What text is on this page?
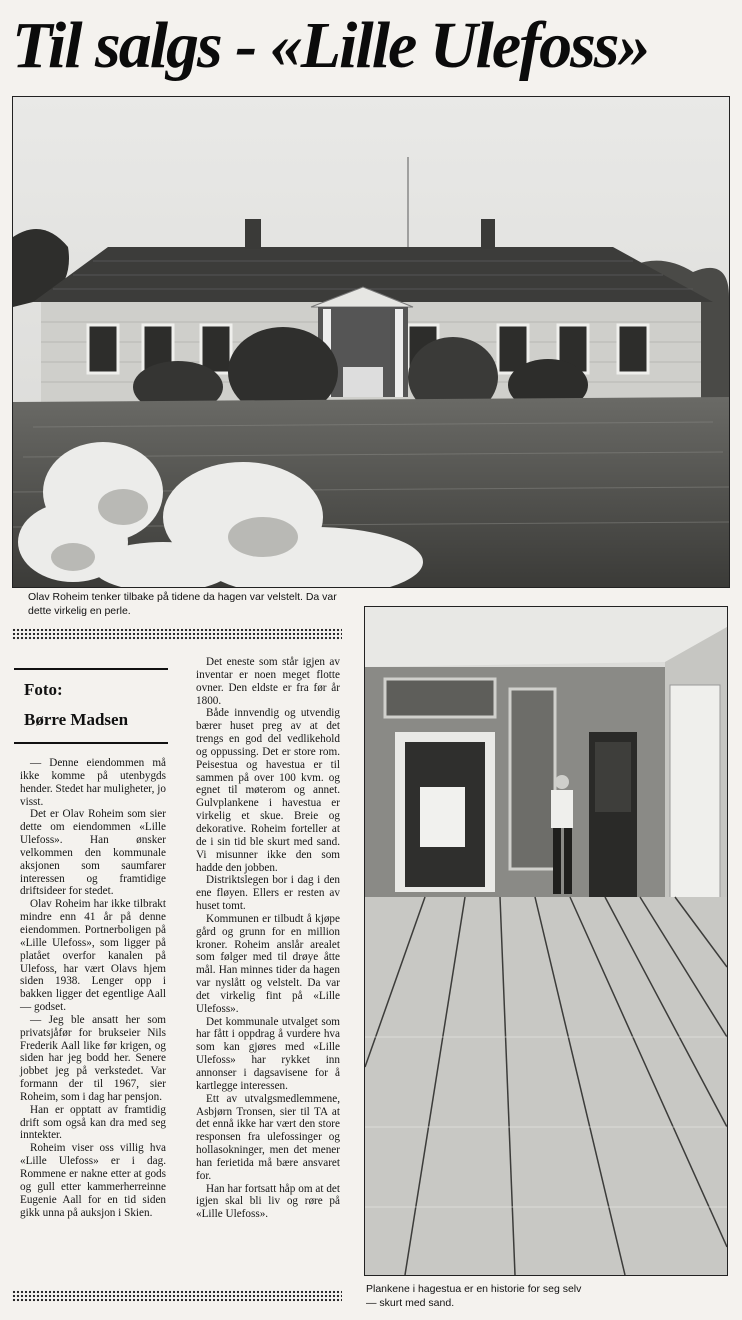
Til salgs - «Lille Ulefoss»
Olav Roheim tenker tilbake på tidene da hagen var velstelt. Da var
dette virkelig en perle.
Foto:
Børre Madsen

— Denne eiendommen må ikke komme på utenbygds hender. Stedet har muligheter, jo visst.

Det er Olav Roheim som sier dette om eiendommen «Lille Ulefoss». Han ønsker velkommen den kommunale aksjonen som saumfarer interessen og framtidige driftsideer for stedet.

Olav Roheim har ikke tilbrakt mindre enn 41 år på denne eiendommen. Portnerboligen på «Lille Ulefoss», som ligger på platået overfor kanalen på Ulefoss, har vært Olavs hjem siden 1938. Lenger opp i bakken ligger det egentlige Aall — godset.

— Jeg ble ansatt her som privatsjåfør for brukseier Nils Frederik Aall like før krigen, og siden har jeg bodd her. Senere jobbet jeg på verkstedet. Var formann der til 1967, sier Roheim, som i dag har pensjon.

Han er opptatt av framtidig drift som også kan dra med seg inntekter.

Roheim viser oss villig hva «Lille Ulefoss» er i dag. Rommene er nakne etter at gods og gull etter kammerherreinne Eugenie Aall for en tid siden gikk unna på auksjon i Skien.

Det eneste som står igjen av inventar er noen meget flotte ovner. Den eldste er fra før år 1800.

Både innvendig og utvendig bærer huset preg av at det trengs en god del vedlikehold og oppussing. Det er store rom. Peisestua og havestua er til sammen på over 100 kvm. og egnet til møterom og annet. Gulvplankene i havestua er virkelig et skue. Breie og dekorative. Roheim forteller at de i sin tid ble skurt med sand. Vi misunner ikke den som hadde den jobben.

Distriktslegen bor i dag i den ene fløyen. Ellers er resten av huset tomt.

Kommunen er tilbudt å kjøpe gård og grunn for en million kroner. Roheim anslår arealet som følger med til drøye åtte mål. Han minnes tider da hagen var nyslått og velstelt. Da var det virkelig fint på «Lille Ulefoss».

Det kommunale utvalget som har fått i oppdrag å vurdere hva som kan gjøres med «Lille Ulefoss» har rykket inn annonser i dagsavisene for å kartlegge interessen.

Ett av utvalgsmedlemmene, Asbjørn Tronsen, sier til TA at det ennå ikke har vært den store responsen fra ulefossinger og hollasokninger, men det mener han ferietida må bære ansvaret for.

Han har fortsatt håp om at det igjen skal bli liv og røre på «Lille Ulefoss».

Plankene i hagestua er en historie for seg selv
— skurt med sand.
